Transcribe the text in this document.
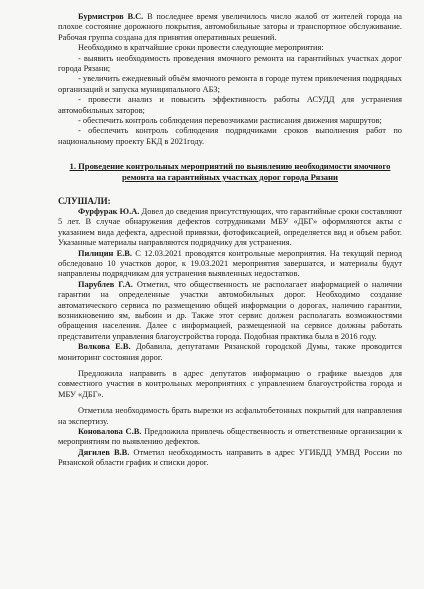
Бурмистров В.С. В последнее время увеличилось число жалоб от жителей города на плохое состояние дорожного покрытия, автомобильные заторы и транспортное обслуживание. Рабочая группа создана для принятия оперативных решений.

Необходимо в кратчайшие сроки провести следующие мероприятия:

- выявить необходимость проведения ямочного ремонта на гарантийных участках дорог города Рязани;

- увеличить ежедневный объём ямочного ремонта в городе путем привлечения подрядных организаций и запуска муниципального АБЗ;

- провести анализ и повысить эффективность работы АСУДД для устранения автомобильных заторов;

- обеспечить контроль соблюдения перевозчиками расписания движения маршрутов;

- обеспечить контроль соблюдения подрядчиками сроков выполнения работ по национальному проекту БКД в 2021году.

1. Проведение контрольных мероприятий по выявлению необходимости ямочного ремонта на гарантийных участках дорог города Рязани

СЛУШАЛИ:

Фурфурак Ю.А. Довел до сведения присутствующих, что гарантийные сроки составляют 5 лет. В случае обнаружения дефектов сотрудниками МБУ «ДБГ» оформляются акты с указанием вида дефекта, адресной привязки, фотофиксацией, определяется вид и объем работ. Указанные материалы направляются подрядчику для устранения.

Пилицин Е.В. С 12.03.2021 проводятся контрольные мероприятия. На текущий период обследовано 10 участков дорог, к 19.03.2021 мероприятия завершатся, и материалы будут направлены подрядчикам для устранения выявленных недостатков.

Парублев Г.А. Отметил, что общественность не располагает информацией о наличии гарантии на определенные участки автомобильных дорог. Необходимо создание автоматического сервиса по размещению общей информации о дорогах, наличию гарантии, возникновению ям, выбоин и др. Также этот сервис должен располагать возможностями обращения населения. Далее с информацией, размещенной на сервисе должны работать представители управления благоустройства города. Подобная практика была в 2016 году.

Волкова Е.В. Добавила, депутатами Рязанской городской Думы, также проводится мониторинг состояния дорог.

Предложила направить в адрес депутатов информацию о графике выездов для совместного участия в контрольных мероприятиях с управлением благоустройства города и МБУ «ДБГ».

Отметила необходимость брать вырезки из асфальтобетонных покрытий для направления на экспертизу.

Коновалова С.В. Предложила привлечь общественность и ответственные организации к мероприятиям по выявлению дефектов.

Дягилев В.В. Отметил необходимость направить в адрес УГИБДД УМВД России по Рязанской области график и списки дорог.
